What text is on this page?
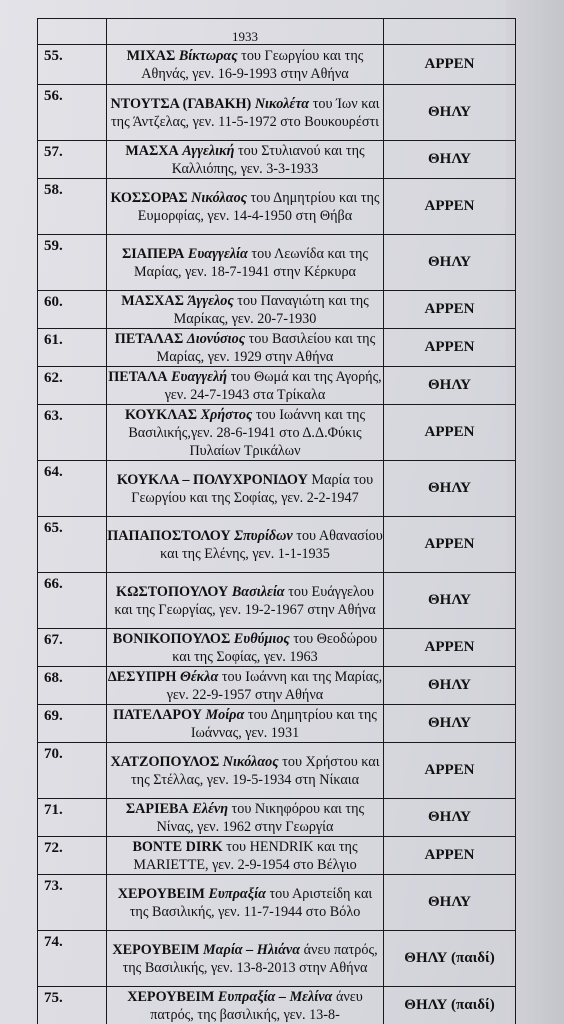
	1933	
55.	ΜΙΧΑΣ Βίκτωρας του Γεωργίου και της Αθηνάς, γεν. 16-9-1993 στην Αθήνα	ΑΡΡΕΝ
56.	ΝΤΟΥΤΣΑ (ΓΑΒΑΚΗ) Νικολέτα του Ίων και της Άντζελας, γεν. 11-5-1972 στο Βουκουρέστι	ΘΗΛΥ
57.	ΜΑΣΧΑ Αγγελική του Στυλιανού και της Καλλιόπης, γεν. 3-3-1933	ΘΗΛΥ
58.	ΚΟΣΣΟΡΑΣ Νικόλαος του Δημητρίου και της Ευμορφίας, γεν. 14-4-1950 στη Θήβα	ΑΡΡΕΝ
59.	ΣΙΑΠΕΡΑ Ευαγγελία του Λεωνίδα και της Μαρίας, γεν. 18-7-1941 στην Κέρκυρα	ΘΗΛΥ
60.	ΜΑΣΧΑΣ Άγγελος του Παναγιώτη και της Μαρίκας, γεν. 20-7-1930	ΑΡΡΕΝ
61.	ΠΕΤΑΛΑΣ Διονύσιος του Βασιλείου και της Μαρίας, γεν. 1929 στην Αθήνα	ΑΡΡΕΝ
62.	ΠΕΤΑΛΑ Ευαγγελή του Θωμά και της Αγορής, γεν. 24-7-1943 στα Τρίκαλα	ΘΗΛΥ
63.	ΚΟΥΚΛΑΣ Χρήστος του Ιωάννη και της Βασιλικής,γεν. 28-6-1941 στο Δ.Δ.Φύκις Πυλαίων Τρικάλων	ΑΡΡΕΝ
64.	ΚΟΥΚΛΑ – ΠΟΛΥΧΡΟΝΙΔΟΥ Μαρία του Γεωργίου και της Σοφίας, γεν. 2-2-1947	ΘΗΛΥ
65.	ΠΑΠΑΠΟΣΤΟΛΟΥ Σπυρίδων του Αθανασίου και της Ελένης, γεν. 1-1-1935	ΑΡΡΕΝ
66.	ΚΩΣΤΟΠΟΥΛΟΥ Βασιλεία του Ευάγγελου και της Γεωργίας, γεν. 19-2-1967 στην Αθήνα	ΘΗΛΥ
67.	ΒΟΝΙΚΟΠΟΥΛΟΣ Ευθύμιος του Θεοδώρου και της Σοφίας, γεν. 1963	ΑΡΡΕΝ
68.	ΔΕΣΥΠΡΗ Θέκλα του Ιωάννη και της Μαρίας, γεν. 22-9-1957 στην Αθήνα	ΘΗΛΥ
69.	ΠΑΤΕΛΑΡΟΥ Μοίρα του Δημητρίου και της Ιωάννας, γεν. 1931	ΘΗΛΥ
70.	ΧΑΤΖΟΠΟΥΛΟΣ Νικόλαος του Χρήστου και της Στέλλας, γεν. 19-5-1934 στη Νίκαια	ΑΡΡΕΝ
71.	ΣΑΡΙΕΒΑ Ελένη του Νικηφόρου και της Νίνας, γεν. 1962 στην Γεωργία	ΘΗΛΥ
72.	ΒΟΝΤΕ DIRK του HENDRIK και της MARIETTE, γεν. 2-9-1954 στο Βέλγιο	ΑΡΡΕΝ
73.	ΧΕΡΟΥΒΕΙΜ Ευπραξία του Αριστείδη και της Βασιλικής, γεν. 11-7-1944 στο Βόλο	ΘΗΛΥ
74.	ΧΕΡΟΥΒΕΙΜ Μαρία – Ηλιάνα άνευ πατρός, της Βασιλικής, γεν. 13-8-2013 στην Αθήνα	ΘΗΛΥ (παιδί)
75.	ΧΕΡΟΥΒΕΙΜ Ευπραξία – Μελίνα άνευ πατρός, της βασιλικής, γεν. 13-8-	ΘΗΛΥ (παιδί)
